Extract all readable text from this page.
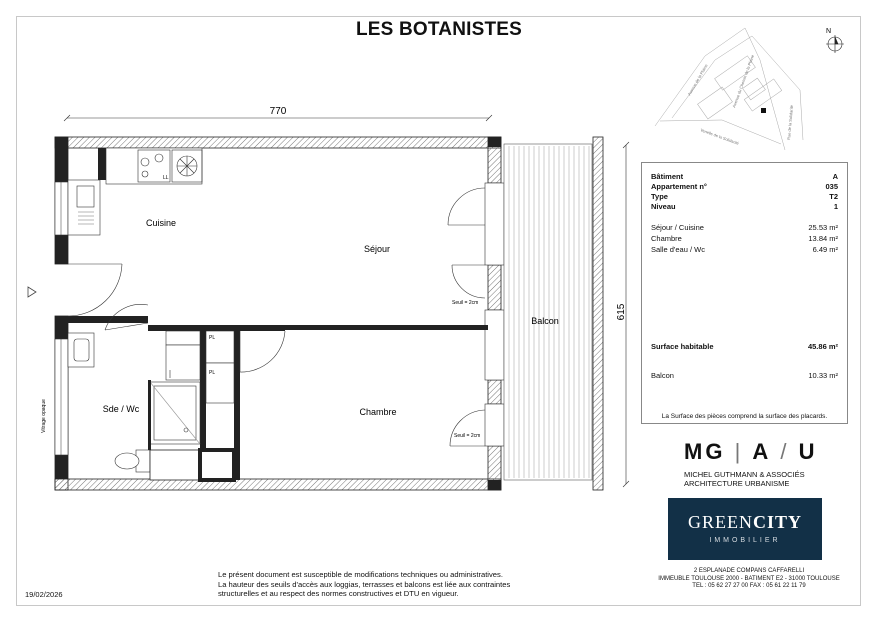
LES BOTANISTES
770
615
Balcon
LL
Cuisine
Séjour
Seuil = 2cm
Seuil = 2cm
Chambre
PL
PL
Sde / Wc
Vitrage opaque
Avenue de la Plaine	Avenue du Chemin de la Plaine
Venelle de la Solidarité	Rue de la Solidarité
N
Bâtiment	A
Appartement n°	035
Type	T2
Niveau	1
Séjour / Cuisine	25.53 m²
Chambre	13.84 m²
Salle d'eau / Wc	6.49 m²
Surface habitable	45.86 m²
Balcon	10.33 m²
La Surface des pièces comprend la surface des placards.
MG | A / U
MICHEL GUTHMANN & ASSOCIÉS
ARCHITECTURE URBANISME
GREENCITY
IMMOBILIER
2 ESPLANADE COMPANS CAFFARELLI
IMMEUBLE TOULOUSE 2000 - BATIMENT E2 - 31000 TOULOUSE
TEL : 05 62 27 27 00 FAX : 05 61 22 11 79
Le présent document est susceptible de modifications techniques ou administratives.
La hauteur des seuils d'accès aux loggias, terrasses et balcons est liée aux contraintes
structurelles et au respect des normes constructives et DTU en vigueur.
19/02/2026
